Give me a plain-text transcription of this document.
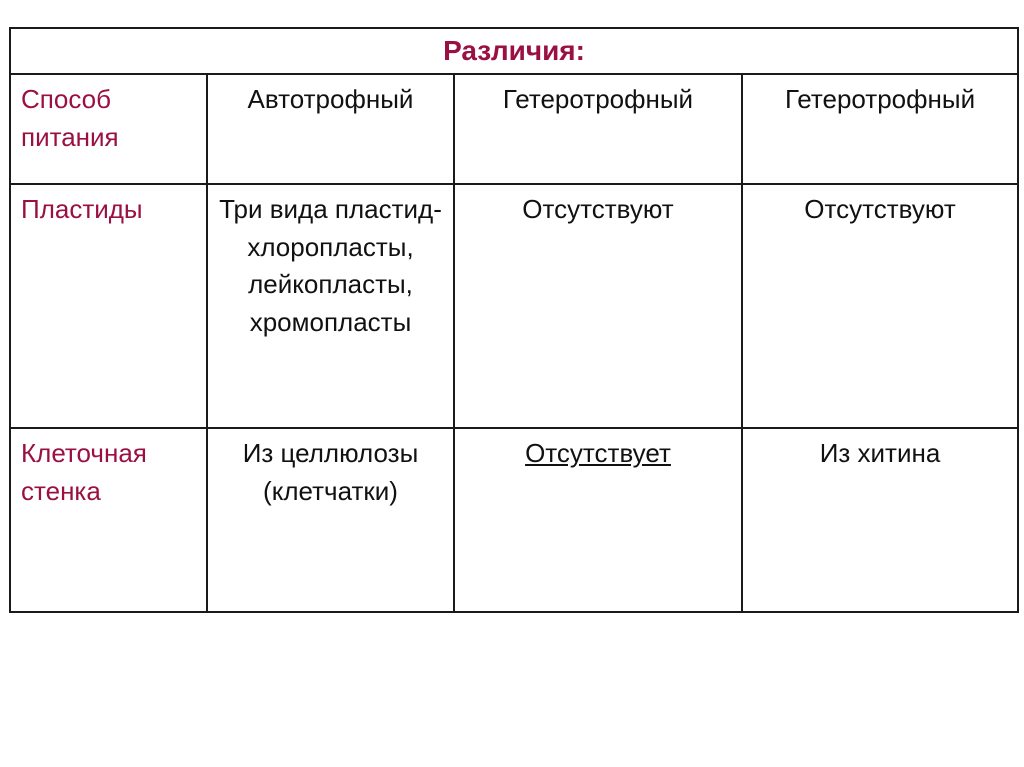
Различия:			
Способ питания	Автотрофный	Гетеротрофный	Гетеротрофный
Пластиды	Три вида пластид- хлоропласты, лейкопласты, хромопласты	Отсутствуют	Отсутствуют
Клеточная стенка	Из целлюлозы (клетчатки)	Отсутствует	Из хитина
